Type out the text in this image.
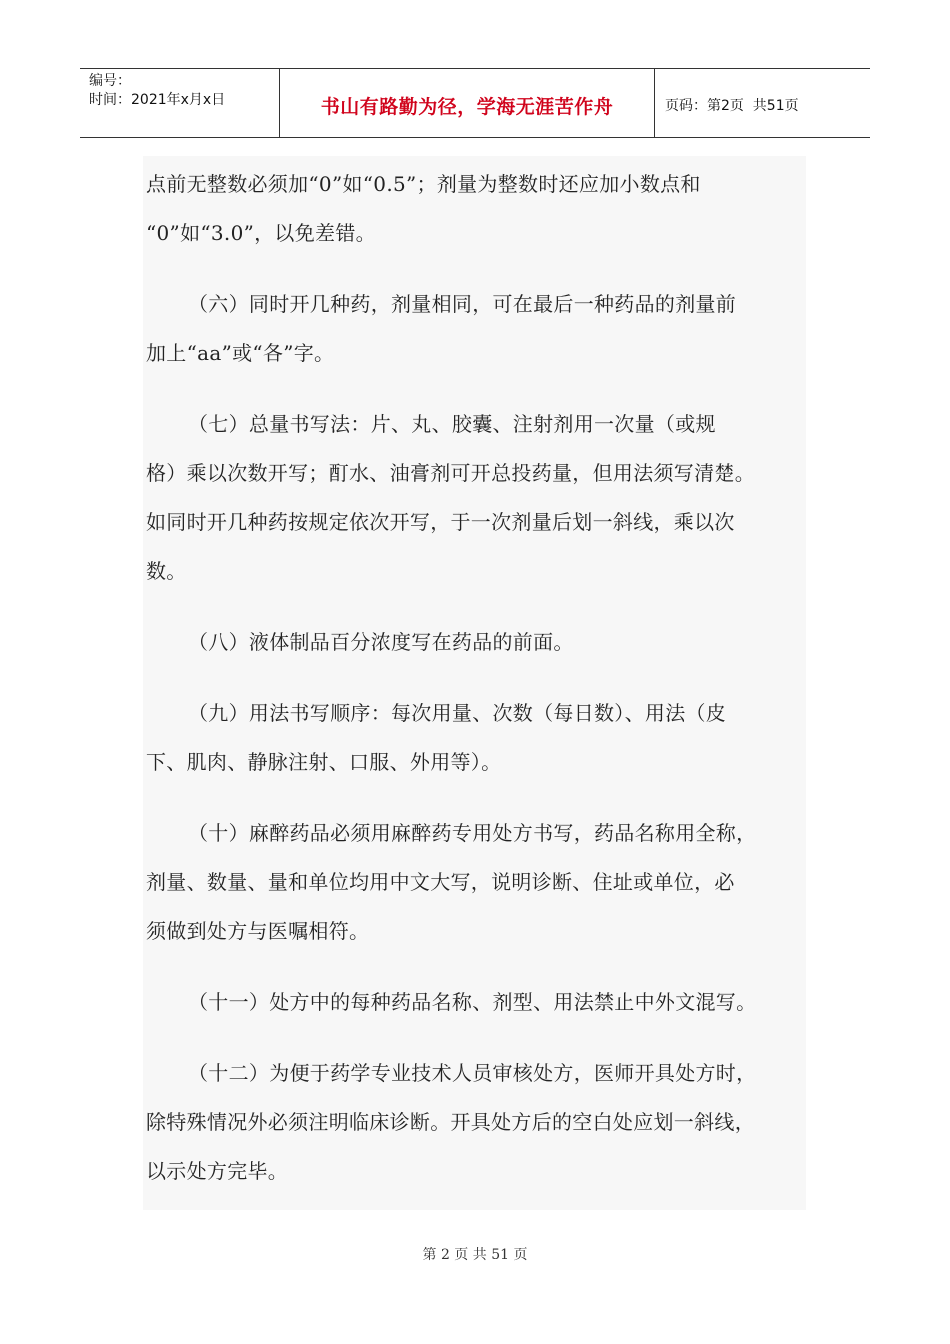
编号：
时间：2021年x月x日	书山有路勤为径，学海无涯苦作舟	页码：第2页  共51页

点前无整数必须加“0”如“0.5”；剂量为整数时还应加小数点和
“0”如“3.0”，以免差错。

（六）同时开几种药，剂量相同，可在最后一种药品的剂量前
加上“aa”或“各”字。

（七）总量书写法：片、丸、胶囊、注射剂用一次量（或规
格）乘以次数开写；酊水、油膏剂可开总投药量，但用法须写清楚。
如同时开几种药按规定依次开写，于一次剂量后划一斜线，乘以次
数。

（八）液体制品百分浓度写在药品的前面。

（九）用法书写顺序：每次用量、次数（每日数）、用法（皮
下、肌肉、静脉注射、口服、外用等）。

（十）麻醉药品必须用麻醉药专用处方书写，药品名称用全称，
剂量、数量、量和单位均用中文大写，说明诊断、住址或单位，必
须做到处方与医嘱相符。

（十一）处方中的每种药品名称、剂型、用法禁止中外文混写。

（十二）为便于药学专业技术人员审核处方，医师开具处方时，
除特殊情况外必须注明临床诊断。开具处方后的空白处应划一斜线，
以示处方完毕。

第 2 页 共 51 页
